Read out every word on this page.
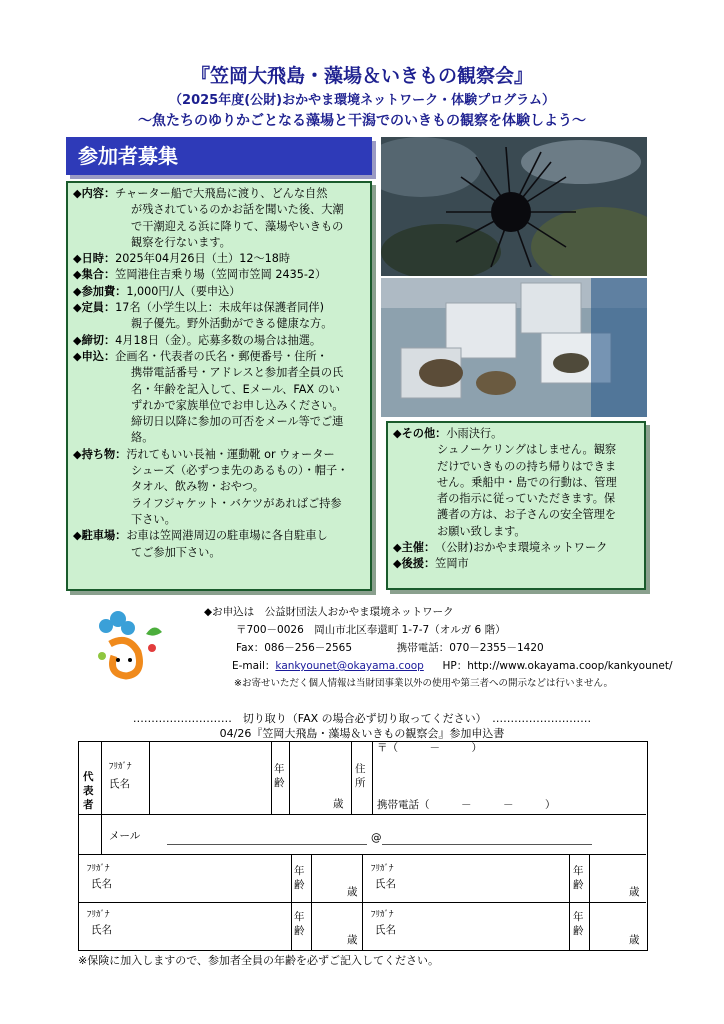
『笠岡大飛島・藻場＆いきもの観察会』
（2025年度(公財)おかやま環境ネットワーク・体験プログラム）
～魚たちのゆりかごとなる藻場と干潟でのいきもの観察を体験しよう～
参加者募集
◆内容： チャーター船で大飛島に渡り、どんな自然
が残されているのかお話を聞いた後、大潮
で干潮迎える浜に降りて、藻場やいきもの
観察を行ないます。
◆日時： 2025年04月26日（土）12～18時
◆集合： 笠岡港住吉乗り場（笠岡市笠岡 2435-2）
◆参加費： 1,000円/人（要申込）
◆定員： 17名（小学生以上：未成年は保護者同伴)
親子優先。野外活動ができる健康な方。
◆締切： 4月18日（金）。応募多数の場合は抽選。
◆申込： 企画名・代表者の氏名・郵便番号・住所・
携帯電話番号・アドレスと参加者全員の氏
名・年齢を記入して、Eメール、FAX のい
ずれかで家族単位でお申し込みください。
締切日以降に参加の可否をメール等でご連
絡。
◆持ち物： 汚れてもいい長袖・運動靴 or ウォーター
シューズ（必ずつま先のあるもの）・帽子・
タオル、飲み物・おやつ。
ライフジャケット・バケツがあればご持参
下さい。
◆駐車場： お車は笠岡港周辺の駐車場に各自駐車し
てご参加下さい。
◆その他： 小雨決行。
シュノーケリングはしません。観察
だけでいきものの持ち帰りはできま
せん。乗船中・島での行動は、管理
者の指示に従っていただきます。保
護者の方は、お子さんの安全管理を
お願い致します。
◆主催： （公財)おかやま環境ネットワーク
◆後援： 笠岡市
◆お申込は　公益財団法人おかやま環境ネットワーク
〒700－0026　岡山市北区奉還町 1-7-7（オルガ 6 階）
Fax：086－256－2565	携帯電話：070－2355－1420
E‐mail：kankyounet@okayama.coop HP：http://www.okayama.coop/kankyounet/
※お寄せいただく個人情報は当財団事業以外の使用や第三者への開示などは行いません。
………………………　切り取り（FAX の場合必ず切り取ってください）　………………………
04/26『笠岡大飛島・藻場＆いきもの観察会』参加申込書
代表者
ﾌﾘｶﾞﾅ
氏名
年齢
歳
住所
〒（　　　－　　　）
携帯電話（　　　－　　　－　　　）
メール	@
ﾌﾘｶﾞﾅ
氏名
年齢
歳
ﾌﾘｶﾞﾅ
氏名
年齢
歳
ﾌﾘｶﾞﾅ
氏名
年齢
歳
ﾌﾘｶﾞﾅ
氏名
年齢
歳
※保険に加入しますので、参加者全員の年齢を必ずご記入してください。
